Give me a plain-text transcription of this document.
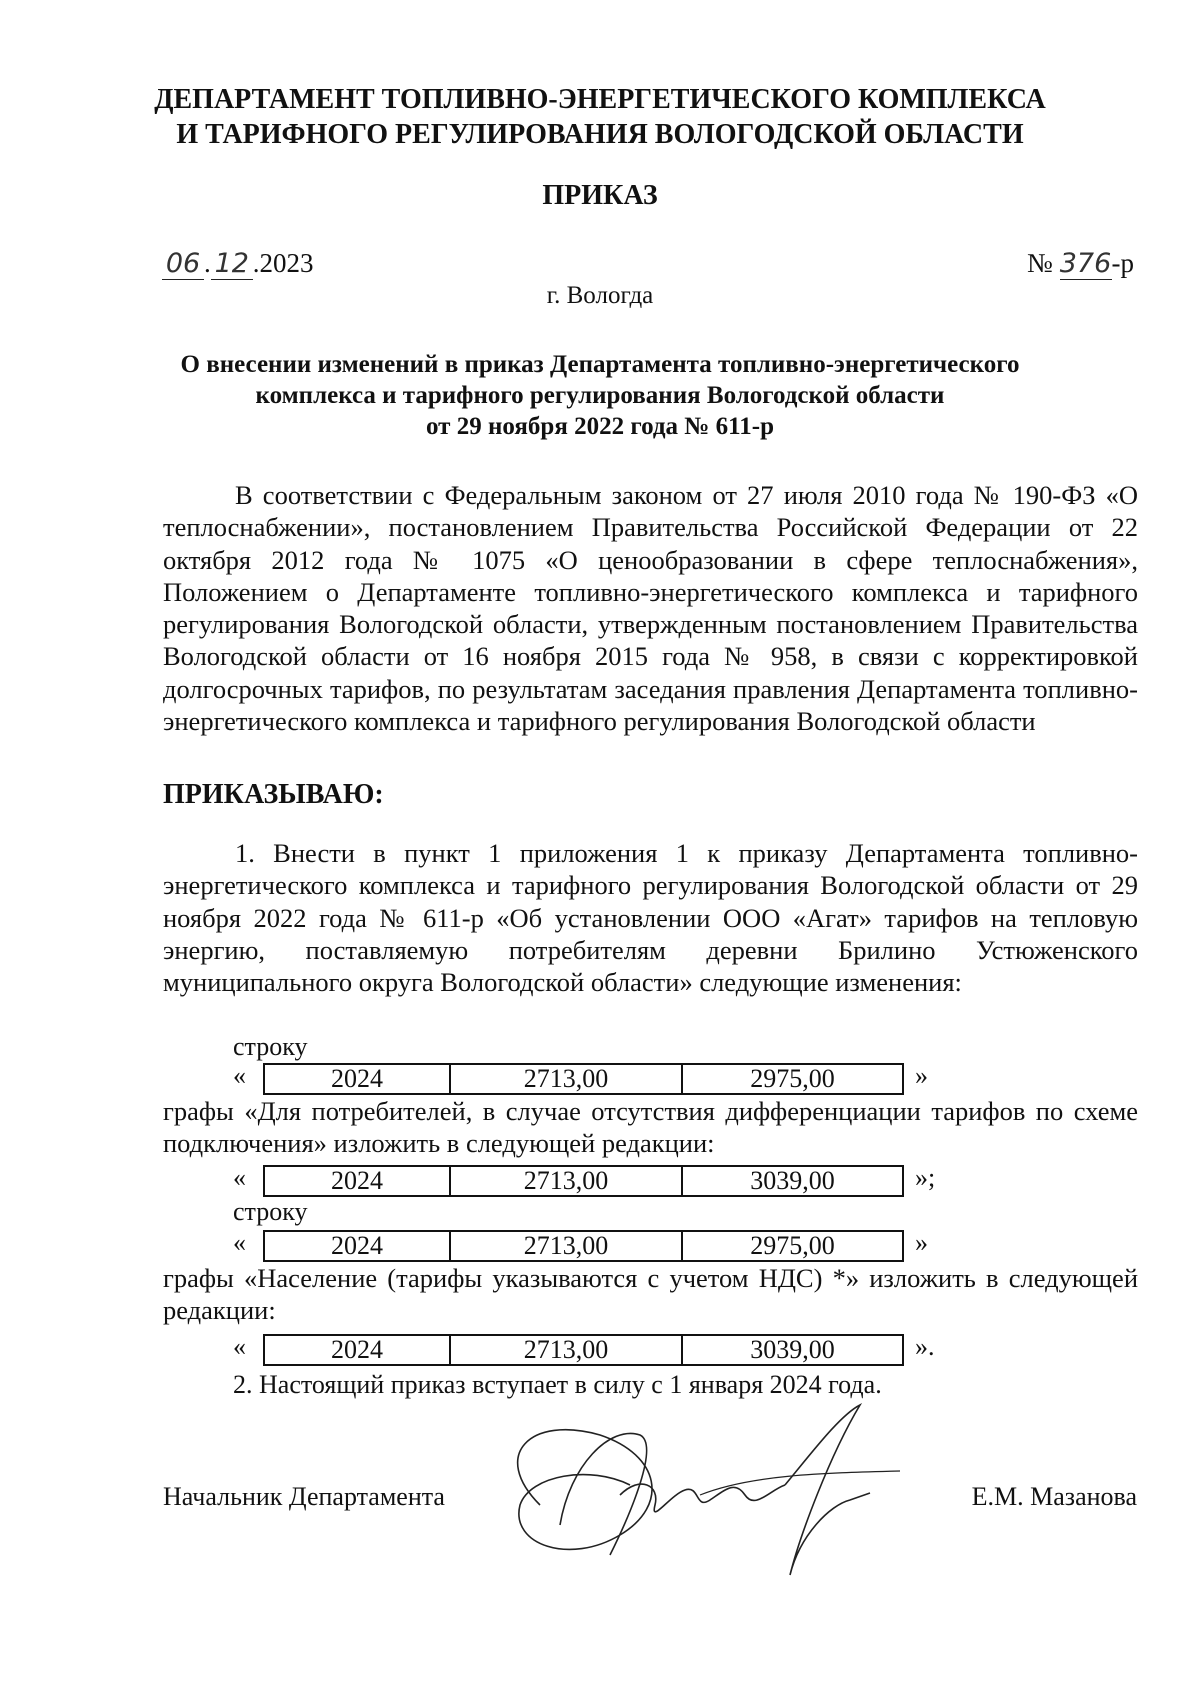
ДЕПАРТАМЕНТ ТОПЛИВНО-ЭНЕРГЕТИЧЕСКОГО КОМПЛЕКСА
И ТАРИФНОГО РЕГУЛИРОВАНИЯ ВОЛОГОДСКОЙ ОБЛАСТИ
ПРИКАЗ
06 . 12 .2023	№ 376-р
г. Вологда
О внесении изменений в приказ Департамента топливно-энергетического
комплекса и тарифного регулирования Вологодской области
от 29 ноября 2022 года № 611-р
В соответствии с Федеральным законом от 27 июля 2010 года № 190-ФЗ «О теплоснабжении», постановлением Правительства Российской Федерации от 22 октября 2012 года № 1075 «О ценообразовании в сфере теплоснабжения», Положением о Департаменте топливно-энергетического комплекса и тарифного регулирования Вологодской области, утвержденным постановлением Правительства Вологодской области от 16 ноября 2015 года № 958, в связи с корректировкой долгосрочных тарифов, по результатам заседания правления Департамента топливно-энергетического комплекса и тарифного регулирования Вологодской области
ПРИКАЗЫВАЮ:
1. Внести в пункт 1 приложения 1 к приказу Департамента топливно-энергетического комплекса и тарифного регулирования Вологодской области от 29 ноября 2022 года № 611-р «Об установлении ООО «Агат» тарифов на тепловую энергию, поставляемую потребителям деревни Брилино Устюженского муниципального округа Вологодской области» следующие изменения:
строку
«	2024	2713,00	2975,00	»
графы «Для потребителей, в случае отсутствия дифференциации тарифов по схеме подключения» изложить в следующей редакции:
«	2024	2713,00	3039,00	»;
строку
«	2024	2713,00	2975,00	»
графы «Население (тарифы указываются с учетом НДС) *» изложить в следующей редакции:
«	2024	2713,00	3039,00	».
2. Настоящий приказ вступает в силу с 1 января 2024 года.
Начальник Департамента	Е.М. Мазанова
